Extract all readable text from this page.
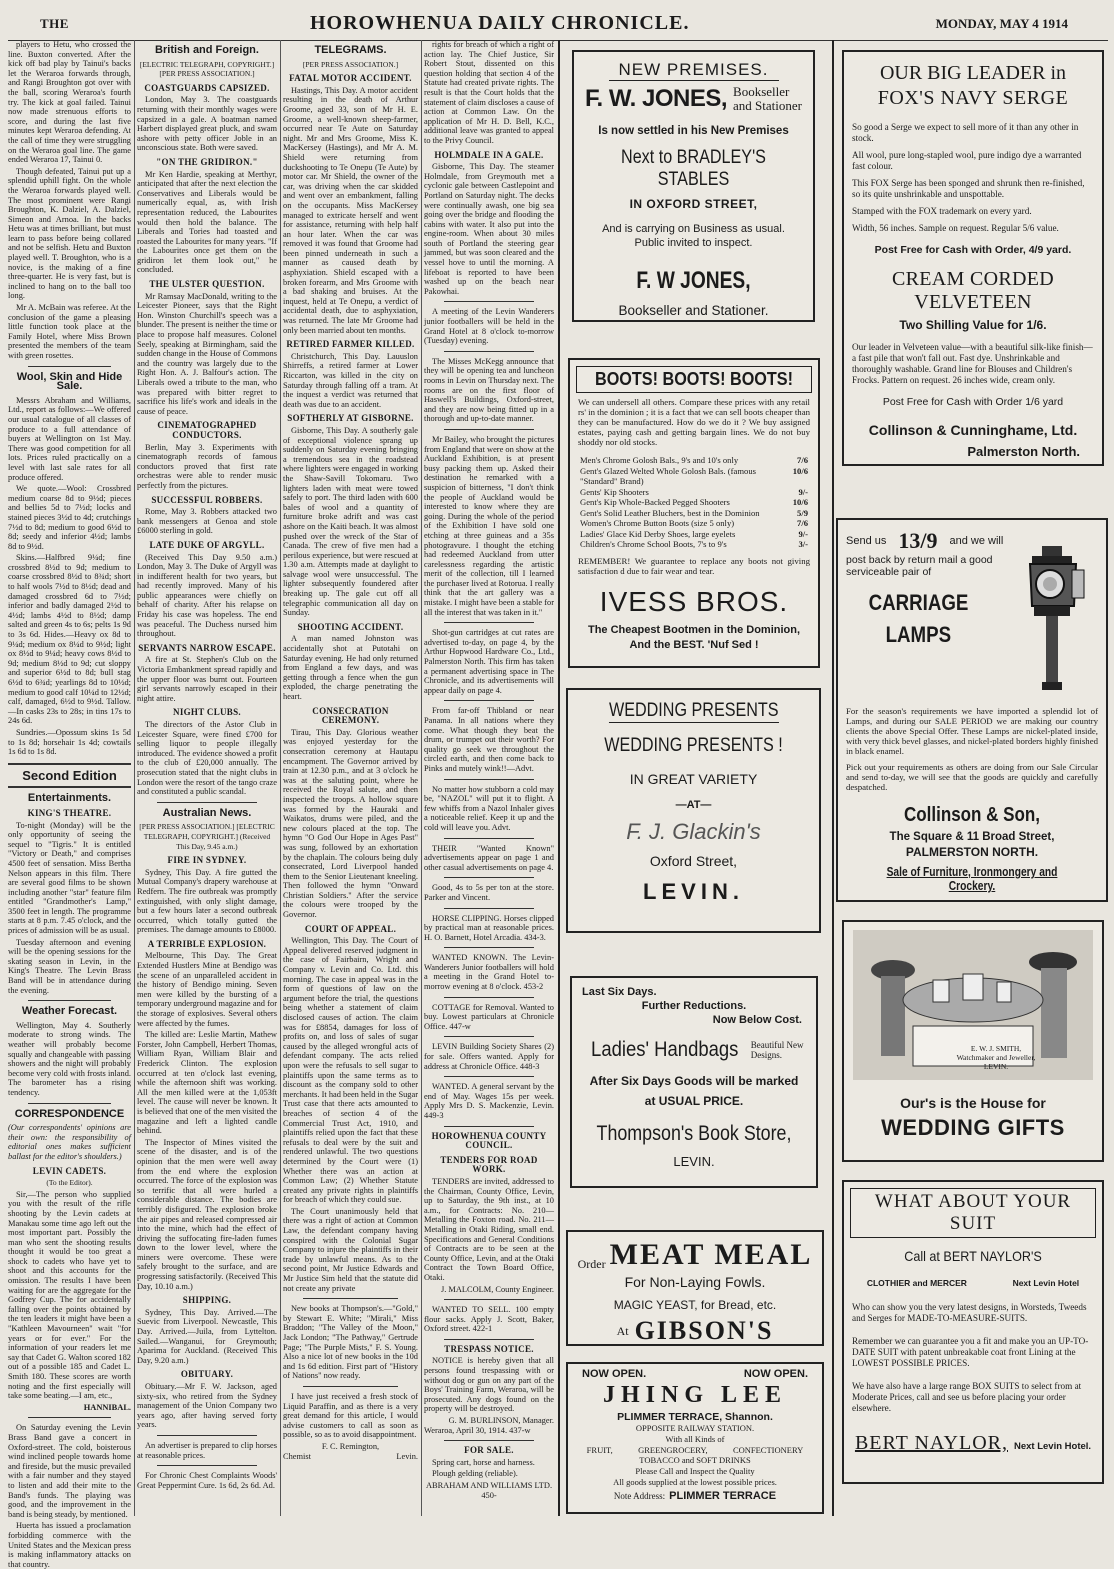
THE	HOROWHENUA DAILY CHRONICLE.	MONDAY, MAY 4 1914

players to Hetu, who crossed the line. Buxton converted. After the kick off bad play by Tainui's backs let the Weraroa forwards through, and Rangi Broughton got over with the ball, scoring Weraroa's fourth try. The kick at goal failed. Tainui now made strenuous efforts to score, and during the last five minutes kept Weraroa defending. At the call of time they were struggling on the Weraroa goal line. The game ended Weraroa 17, Tainui 0.

Though defeated, Tainui put up a splendid uphill fight. On the whole the Weraroa forwards played well. The most prominent were Rangi Broughton, K. Dalziel, A. Dalziel, Simeon and Arnoa. In the backs Hetu was at times brilliant, but must learn to pass before being collared and not be selfish. Hetu and Buxton played well. T. Broughton, who is a novice, is the making of a fine three-quarter. He is very fast, but is inclined to hang on to the ball too long.

Mr A. McBain was referee. At the conclusion of the game a pleasing little function took place at the Family Hotel, where Miss Brown presented the members of the team with green rosettes.

Wool, Skin and Hide Sale.

Messrs Abraham and Williams, Ltd., report as follows:—We offered our usual catalogue of all classes of produce to a full attendance of buyers at Wellington on 1st May. There was good competition for all lots. Prices ruled practically on a level with last sale rates for all produce offered.

We quote.—Wool: Crossbred medium coarse 8d to 9½d; pieces and bellies 5d to 7½d; locks and stained pieces 3½d to 4d; crutchings 7½d to 8d; medium to good 6½d to 8d; seedy and inferior 4½d; lambs 8d to 9½d.

Skins.—Halfbred 9¼d; fine crossbred 8½d to 9d; medium to coarse crossbred 8½d to 8¾d; short to half wools 7½d to 8½d; dead and damaged crossbred 6d to 7½d; inferior and badly damaged 2½d to 4½d; lambs 4½d to 8½d; damp salted and green 4s to 6s; pelts 1s 9d to 3s 6d. Hides.—Heavy ox 8d to 9¼d; medium ox 8¼d to 9½d; light ox 8½d to 9¼d; heavy cows 8½d to 9d; medium 8½d to 9d; cut sloppy and superior 6½d to 8d; bull stag 6½d to 6¾d; yearlings 8d to 10½d; medium to good calf 10¼d to 12½d; calf, damaged, 6½d to 9½d. Tallow.—In casks 23s to 28s; in tins 17s to 24s 6d.

Sundries.—Opossum skins 1s 5d to 1s 8d; horsehair 1s 4d; cowtails 1s 6d to 1s 8d.

Second Edition
Entertainments.
KING'S THEATRE.

To-night (Monday) will be the only opportunity of seeing the sequel to "Tigris." It is entitled "Victory or Death," and comprises 4500 feet of sensation. Miss Bertha Nelson appears in this film. There are several good films to be shown including another "star" feature film entitled "Grandmother's Lamp," 3500 feet in length. The programme starts at 8 p.m. 7.45 o'clock, and the prices of admission will be as usual.

Tuesday afternoon and evening will be the opening sessions for the skating season in Levin, in the King's Theatre. The Levin Brass Band will be in attendance during the evening.

Weather Forecast.

Wellington, May 4. Southerly moderate to strong winds. The weather will probably become squally and changeable with passing showers and the night will probably become very cold with frosts inland. The barometer has a rising tendency.

CORRESPONDENCE

(Our correspondents' opinions are their own: the responsibility of editorial ones makes sufficient ballast for the editor's shoulders.)

LEVIN CADETS.
(To the Editor).

Sir,—The person who supplied you with the result of the rifle shooting by the Levin cadets at Manakau some time ago left out the most important part. Possibly the man who sent the shooting results thought it would be too great a shock to cadets who have yet to shoot and this accounts for the omission. The results I have been waiting for are the aggregate for the Godfrey Cup. The for accidentally falling over the points obtained by the ten leaders it might have been a "Kathleen Mavourneen" wait "for years or for ever." For the information of your readers let me say that Cadet G. Walton scored 182 out of a possible 185 and Cadet L. Smith 180. These scores are worth noting and the first especially will take some beating.—I am, etc.,

HANNIBAL.

On Saturday evening the Levin Brass Band gave a concert in Oxford-street. The cold, boisterous wind inclined people towards home and fireside, but the music prevailed with a fair number and they stayed to listen and add their mite to the Band's funds. The playing was good, and the improvement in the band is being steady, by mentioned.

Huerta has issued a proclamation forbidding commerce with the United States and the Mexican press is making inflammatory attacks on that country.

British and Foreign.
[ELECTRIC TELEGRAPH, COPYRIGHT.] [PER PRESS ASSOCIATION.]
COASTGUARDS CAPSIZED.

London, May 3. The coastguards returning with their monthly wages were capsized in a gale. A boatman named Harbert displayed great pluck, and swam ashore with petty officer Joble in an unconscious state. Both were saved.

"ON THE GRIDIRON."

Mr Ken Hardie, speaking at Merthyr, anticipated that after the next election the Conservatives and Liberals would be numerically equal, as, with Irish representation reduced, the Labourites would then hold the balance. The Liberals and Tories had toasted and roasted the Labourites for many years. "If the Labourites once get them on the gridiron let them look out," he concluded.

THE ULSTER QUESTION.

Mr Ramsay MacDonald, writing to the Leicester Pioneer, says that the Right Hon. Winston Churchill's speech was a blunder. The present is neither the time or place to propose half measures. Colonel Seely, speaking at Birmingham, said the sudden change in the House of Commons and the country was largely due to the Right Hon. A. J. Balfour's action. The Liberals owed a tribute to the man, who was prepared with bitter regret to sacrifice his life's work and ideals in the cause of peace.

CINEMATOGRAPHED CONDUCTORS.

Berlin, May 3. Experiments with cinematograph records of famous conductors proved that first rate orchestras were able to render music perfectly from the pictures.

SUCCESSFUL ROBBERS.

Rome, May 3. Robbers attacked two bank messengers at Genoa and stole £6000 sterling in gold.

LATE DUKE OF ARGYLL.

(Received This Day 9.50 a.m.) London, May 3. The Duke of Argyll was in indifferent health for two years, but had recently improved. Many of his public appearances were chiefly on behalf of charity. After his relapse on Friday his case was hopeless. The end was peaceful. The Duchess nursed him throughout.

SERVANTS NARROW ESCAPE.

A fire at St. Stephen's Club on the Victoria Embankment spread rapidly and the upper floor was burnt out. Fourteen girl servants narrowly escaped in their night attire.

NIGHT CLUBS.

The directors of the Astor Club in Leicester Square, were fined £700 for selling liquor to people illegally introduced. The evidence showed a profit to the club of £20,000 annually. The prosecution stated that the night clubs in London were the resort of the tango craze and constituted a public scandal.

Australian News.
[PER PRESS ASSOCIATION.] [ELECTRIC TELEGRAPH, COPYRIGHT.] (Received This Day, 9.45 a.m.)
FIRE IN SYDNEY.

Sydney, This Day. A fire gutted the Mutual Company's drapery warehouse at Redfern. The fire outbreak was promptly extinguished, with only slight damage, but a few hours later a second outbreak occurred, which totally gutted the premises. The damage amounts to £8000.

A TERRIBLE EXPLOSION.

Melbourne, This Day. The Great Extended Hustlers Mine at Bendigo was the scene of an unparalleled accident in the history of Bendigo mining. Seven men were killed by the bursting of a temporary underground magazine and for the storage of explosives. Several others were affected by the fumes.

The killed are: Leslie Martin, Mathew Forster, John Campbell, Herbert Thomas, William Ryan, William Blair and Frederick Clinton. The explosion occurred at ten o'clock last evening, while the afternoon shift was working. All the men killed were at the 1,053ft level. The cause will never be known. It is believed that one of the men visited the magazine and left a lighted candle behind.

The Inspector of Mines visited the scene of the disaster, and is of the opinion that the men were well away from the end where the explosion occurred. The force of the explosion was so terrific that all were hurled a considerable distance. The bodies are terribly disfigured. The explosion broke the air pipes and released compressed air into the mine, which had the effect of driving the suffocating fire-laden fumes down to the lower level, where the miners were overcome. These were safely brought to the surface, and are progressing satisfactorily. (Received This Day, 10.10 a.m.)

SHIPPING.

Sydney, This Day. Arrived.—The Suevic from Liverpool. Newcastle, This Day. Arrived.—Juila, from Lyttelton. Sailed.—Wanganui, for Greymouth; Aparima for Auckland. (Received This Day, 9.20 a.m.)

OBITUARY.

Obituary.—Mr F. W. Jackson, aged sixty-six, who retired from the Sydney management of the Union Company two years ago, after having served forty years.

An advertiser is prepared to clip horses at reasonable prices.

For Chronic Chest Complaints Woods' Great Peppermint Cure. 1s 6d, 2s 6d. Ad.

TELEGRAMS.
[PER PRESS ASSOCIATION.]
FATAL MOTOR ACCIDENT.

Hastings, This Day. A motor accident resulting in the death of Arthur Groome, aged 33, son of Mr H. E. Groome, a well-known sheep-farmer, occurred near Te Aute on Saturday night. Mr and Mrs Groome, Miss K. MacKersey (Hastings), and Mr A. M. Shield were returning from duckshooting to Te Onepu (Te Aute) by motor car. Mr Shield, the owner of the car, was driving when the car skidded and went over an embankment, falling on the occupants. Miss MacKersey managed to extricate herself and went for assistance, returning with help half an hour later. When the car was removed it was found that Groome had been pinned underneath in such a manner as caused death by asphyxiation. Shield escaped with a broken forearm, and Mrs Groome with a bad shaking and bruises. At the inquest, held at Te Onepu, a verdict of accidental death, due to asphyxiation, was returned. The late Mr Groome had only been married about ten months.

RETIRED FARMER KILLED.

Christchurch, This Day. Lauuslon Shirreffs, a retired farmer at Lower Riccarton, was killed in the city on Saturday through falling off a tram. At the inquest a verdict was returned that death was due to an accident.

SOFTHERLY AT GISBORNE.

Gisborne, This Day. A southerly gale of exceptional violence sprang up suddenly on Saturday evening bringing a tremendous sea in the roadstead where lighters were engaged in working the Shaw-Savill Tokomaru. Two lighters laden with meat were towed safely to port. The third laden with 600 bales of wool and a quantity of furniture broke adrift and was cast ashore on the Kaiti beach. It was almost pushed over the wreck of the Star of Canada. The crew of five men had a perilous experience, but were rescued at 1.30 a.m. Attempts made at daylight to salvage wool were unsuccessful. The lighter subsequently foundered after breaking up. The gale cut off all telegraphic communication all day on Sunday.

SHOOTING ACCIDENT.

A man named Johnston was accidentally shot at Putotahi on Saturday evening. He had only returned from England a few days, and was getting through a fence when the gun exploded, the charge penetrating the heart.

CONSECRATION CEREMONY.

Tirau, This Day. Glorious weather was enjoyed yesterday for the consecration ceremony at Hautapu encampment. The Governor arrived by train at 12.30 p.m., and at 3 o'clock he was at the saluting point, where he received the Royal salute, and then inspected the troops. A hollow square was formed by the Hauraki and Waikatos, drums were piled, and the new colours placed at the top. The hymn "O God Our Hope in Ages Past" was sung, followed by an exhortation by the chaplain. The colours being duly consecrated, Lord Liverpool handed them to the Senior Lieutenant kneeling. Then followed the hymn "Onward Christian Soldiers." After the service the colours were trooped by the Governor.

COURT OF APPEAL.

Wellington, This Day. The Court of Appeal delivered reserved judgment in the case of Fairbairn, Wright and Company v. Levin and Co. Ltd. this morning. The case in appeal was in the form of questions of law on the argument before the trial, the questions being whether a statement of claim disclosed causes of action. The claim was for £8854, damages for loss of profits on, and loss of sales of sugar caused by the alleged wrongful acts of defendant company. The acts relied upon were the refusals to sell sugar to plaintiffs upon the same terms as to discount as the company sold to other merchants. It had been held in the Sugar Trust case that there acts amounted to breaches of section 4 of the Commercial Trust Act, 1910, and plaintiffs relied upon the fact that these refusals to deal were by the suit and rendered unlawful. The two questions determined by the Court were (1) Whether there was an action at Common Law; (2) Whether Statute created any private rights in plaintiffs for breach of which they could sue.

The Court unanimously held that there was a right of action at Common Law, the defendant company having conspired with the Colonial Sugar Company to injure the plaintiffs in their trade by unlawful means. As to the second point, Mr Justice Edwards and Mr Justice Sim held that the statute did not create any private

New books at Thompson's.—"Gold," by Stewart E. White; "Mirali," Miss Braddon; "The Valley of the Moon," Jack London; "The Pathway," Gertrude Page; "The Purple Mists," F. S. Young. Also a nice lot of new books in the 10d and 1s 6d edition. First part of "History of Nations" now ready.

I have just received a fresh stock of Liquid Paraffin, and as there is a very great demand for this article, I would advise customers to call as soon as possible, so as to avoid disappointment.

F. C. Remington,
Chemist	Levin.

rights for breach of which a right of action lay. The Chief Justice, Sir Robert Stout, dissented on this question holding that section 4 of the Statute had created private rights. The result is that the Court holds that the statement of claim discloses a cause of action at Common Law. On the application of Mr H. D. Bell, K.C., additional leave was granted to appeal to the Privy Council.

HOLMDALE IN A GALE.

Gisborne, This Day. The steamer Holmdale, from Greymouth met a cyclonic gale between Castlepoint and Portland on Saturday night. The decks were continually awash, one big sea going over the bridge and flooding the cabins with water. It also put into the engine-room. When about 30 miles south of Portland the steering gear jammed, but was soon cleared and the vessel hove to until the morning. A lifeboat is reported to have been washed up on the beach near Pakowhai.

A meeting of the Levin Wanderers junior footballers will be held in the Grand Hotel at 8 o'clock to-morrow (Tuesday) evening.

The Misses McKegg announce that they will be opening tea and luncheon rooms in Levin on Thursday next. The rooms are on the first floor of Haswell's Buildings, Oxford-street, and they are now being fitted up in a thorough and up-to-date manner.

Mr Bailey, who brought the pictures from England that were on show at the Auckland Exhibition, is at present busy packing them up. Asked their destination he remarked with a suspicion of bitterness, "I don't think the people of Auckland would be interested to know where they are going. During the whole of the period of the Exhibition I have sold one etching at three guineas and a 35s photogravure. I thought the etching had redeemed Auckland from utter carelessness regarding the artistic merit of the collection, till I learned the purchaser lived at Rotorua. I really think that the art gallery was a mistake. I might have been a stable for all the interest that was taken in it."

Shot-gun cartridges at cut rates are advertised to-day, on page 4, by the Arthur Hopwood Hardware Co., Ltd., Palmerston North. This firm has taken a permanent advertising space in The Chronicle, and its advertisements will appear daily on page 4.

From far-off Thibland or near Panama. In all nations where they come. What though they beat the drum, or trumpet out their worth? For quality go seek we throughout the circled earth, and then come back to Pinks and mutely wink!!—Advt.

No matter how stubborn a cold may be, "NAZOL" will put it to flight. A few whiffs from a Nazol Inhaler gives a noticeable relief. Keep it up and the cold will leave you. Advt.

THEIR "Wanted Known" advertisements appear on page 1 and other casual advertisements on page 4.

Good, 4s to 5s per ton at the store. Parker and Vincent.

HORSE CLIPPING. Horses clipped by practical man at reasonable prices. H. O. Barnett, Hotel Arcadia. 434-3.

WANTED KNOWN. The Levin-Wanderers Junior footballers will hold a meeting in the Grand Hotel to-morrow evening at 8 o'clock. 453-2

COTTAGE for Removal. Wanted to buy. Lowest particulars at Chronicle Office. 447-w

LEVIN Building Society Shares (2) for sale. Offers wanted. Apply for address at Chronicle Office. 448-3

WANTED. A general servant by the end of May. Wages 15s per week. Apply Mrs D. S. Mackenzie, Levin. 449-3

HOROWHENUA COUNTY COUNCIL.
TENDERS FOR ROAD WORK.

TENDERS are invited, addressed to the Chairman, County Office, Levin, up to Saturday, the 9th inst., at 10 a.m., for Contracts: No. 210—Metalling the Foxton road. No. 211—Metalling in Otaki Riding, small end. Specifications and General Conditions of Contracts are to be seen at the County Office, Levin, and at the Otaki Contract the Town Board Office, Otaki.

J. MALCOLM, County Engineer.

WANTED TO SELL. 100 empty flour sacks. Apply J. Scott, Baker, Oxford street. 422-1

TRESPASS NOTICE.

NOTICE is hereby given that all persons found trespassing with or without dog or gun on any part of the Boys' Training Farm, Weraroa, will be prosecuted. Any dogs found on the property will be destroyed.

G. M. BURLINSON, Manager.
Weraroa, April 30, 1914. 437-w
FOR SALE.

Spring cart, horse and harness.

Plough gelding (reliable).

ABRAHAM AND WILLIAMS LTD. 450-
NEW PREMISES.
F. W. JONES, Bookseller
and Stationer
Is now settled in his New Premises
Next to BRADLEY'S STABLES
IN OXFORD STREET,
And is carrying on Business as usual.
Public invited to inspect.
F. W JONES,
Bookseller and Stationer.
BOOTS! BOOTS! BOOTS!
We can undersell all others. Compare these prices with any retail rs' in the dominion ; it is a fact that we can sell boots cheaper than they can be manufactured. How do we do it ? We buy assigned estates, paying cash and getting bargain lines. We do not buy shoddy nor old stocks.
Men's Chrome Golosh Bals., 9's and 10's only	7/6
Gent's Glazed Welted Whole Golosh Bals. (famous "Standard" Brand)
10/6
Gents' Kip Shooters	9/-
Gent's Kip Whole-Backed Pegged Shooters	10/6
Gent's Solid Leather Bluchers, best in the Dominion	5/9
Women's Chrome Button Boots (size 5 only)	7/6
Ladies' Glace Kid Derby Shoes, large eyelets	9/-
Children's Chrome School Boots, 7's to 9's	3/-
REMEMBER! We guarantee to replace any boots not giving satisfaction d due to fair wear and tear.
IVESS BROS.
The Cheapest Bootmen in the Dominion,
And the BEST. 'Nuf Sed !
WEDDING PRESENTS
WEDDING PRESENTS !
IN GREAT VARIETY
—AT—
F. J. Glackin's
Oxford Street,
LEVIN.
Last Six Days.
Further Reductions.
Now Below Cost.
Ladies' Handbags Beautiful New Designs.
After Six Days Goods will be marked
at USUAL PRICE.
Thompson's Book Store,
LEVIN.
Order MEAT MEAL
For Non-Laying Fowls.
MAGIC YEAST, for Bread, etc.
At GIBSON'S
NOW OPEN.	NOW OPEN.
JHING LEE
PLIMMER TERRACE, Shannon.
OPPOSITE RAILWAY STATION.
With all Kinds of
FRUIT,	GREENGROCERY,	CONFECTIONERY
TOBACCO and SOFT DRINKS
Please Call and Inspect the Quality
All goods supplied at the lowest possible prices.
Note Address: PLIMMER TERRACE
OUR BIG LEADER in
FOX'S NAVY SERGE
So good a Serge we expect to sell more of it than any other in stock.
All wool, pure long-stapled wool, pure indigo dye a warranted fast colour.
This FOX Serge has been sponged and shrunk then re-finished, so its quite unshrinkable and unspottable.
Stamped with the FOX trademark on every yard.
Width, 56 inches. Sample on request. Regular 5/6 value.
Post Free for Cash with Order, 4/9 yard.
CREAM CORDED VELVETEEN
Two Shilling Value for 1/6.
Our leader in Velveteen value—with a beautiful silk-like finish—a fast pile that won't fall out. Fast dye. Unshrinkable and thoroughly washable. Grand line for Blouses and Children's Frocks. Pattern on request. 26 inches wide, cream only.
Post Free for Cash with Order 1/6 yard
Collinson & Cunninghame, Ltd.
Palmerston North.
Send us 13/9 and we will
post back by return mail a good serviceable pair of
CARRIAGE
LAMPS
For the season's requirements we have imported a splendid lot of Lamps, and during our SALE PERIOD we are making our country clients the above Special Offer. These Lamps are nickel-plated inside, with very thick bevel glasses, and nickel-plated borders highly finished in black enamel.
Pick out your requirements as others are doing from our Sale Circular and send to-day, we will see that the goods are quickly and carefully despatched.
Collinson & Son,
The Square & 11 Broad Street,
PALMERSTON NORTH.
Sale of Furniture, Ironmongery and Crockery.
E. W. J. SMITH,
Watchmaker and Jeweller,
LEVIN.
Our's is the House for
WEDDING GIFTS
WHAT ABOUT YOUR SUIT
Call at BERT NAYLOR'S
CLOTHIER and MERCER	Next Levin Hotel
Who can show you the very latest designs, in Worsteds, Tweeds and Serges for MADE-TO-MEASURE-SUITS.
Remember we can guarantee you a fit and make you an UP-TO-DATE SUIT with patent unbreakable coat front Lining at the LOWEST POSSIBLE PRICES.
We have also have a large range BOX SUITS to select from at Moderate Prices, call and see us before placing your order elsewhere.
BERT NAYLOR, Next Levin Hotel.
